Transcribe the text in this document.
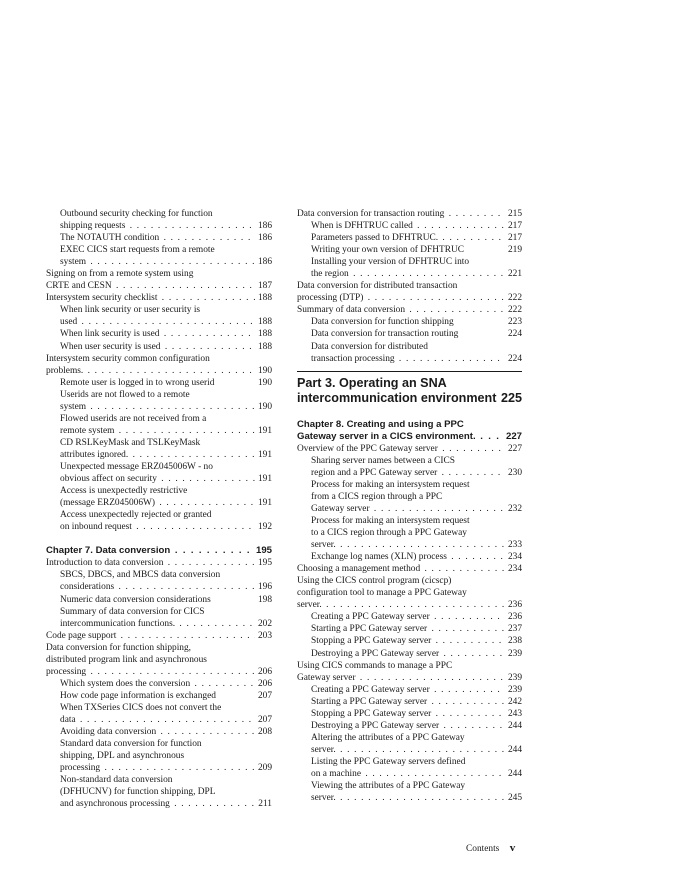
Outbound security checking for function
shipping requests .  .	186
The NOTAUTH condition .  .	186
EXEC CICS start requests from a remote
system .  .	186
Signing on from a remote system using
CRTE and CESN .  .	187
Intersystem security checklist .  .	188
When link security or user security is
used .  .	188
When link security is used .  .	188
When user security is used .  .	188
Intersystem security common configuration
problems. .  .	190
Remote user is logged in to wrong userid	190
Userids are not flowed to a remote
system .  .	190
Flowed userids are not received from a
remote system .  .	191
CD RSLKeyMask and TSLKeyMask
attributes ignored. .  .	191
Unexpected message ERZ045006W - no
obvious affect on security .  .	191
Access is unexpectedly restrictive
(message ERZ045006W) .  .	191
Access unexpectedly rejected or granted
on inbound request .  .	192
Chapter 7. Data conversion .  .	195
Introduction to data conversion .  .	195
SBCS, DBCS, and MBCS data conversion
considerations .  .	196
Numeric data conversion considerations	198
Summary of data conversion for CICS
intercommunication functions. .  .	202
Code page support .  .	203
Data conversion for function shipping,
distributed program link and asynchronous
processing .  .	206
Which system does the conversion .  .	206
How code page information is exchanged	207
When TXSeries CICS does not convert the
data .  .	207
Avoiding data conversion .  .	208
Standard data conversion for function
shipping, DPL and asynchronous
processing .  .	209
Non-standard data conversion
(DFHUCNV) for function shipping, DPL
and asynchronous processing .  .	211
Data conversion for transaction routing .  .	215
When is DFHTRUC called .  .	217
Parameters passed to DFHTRUC. .  .	217
Writing your own version of DFHTRUC	219
Installing your version of DFHTRUC into
the region .  .	221
Data conversion for distributed transaction
processing (DTP) .  .	222
Summary of data conversion .  .	222
Data conversion for function shipping	223
Data conversion for transaction routing	224
Data conversion for distributed
transaction processing .  .	224
Part 3. Operating an SNA
intercommunication environment 225
Chapter 8. Creating and using a PPC
Gateway server in a CICS environment. .  .	227
Overview of the PPC Gateway server .  .	227
Sharing server names between a CICS
region and a PPC Gateway server .  .	230
Process for making an intersystem request
from a CICS region through a PPC
Gateway server .  .	232
Process for making an intersystem request
to a CICS region through a PPC Gateway
server. .  .	233
Exchange log names (XLN) process .  .	234
Choosing a management method .  .	234
Using the CICS control program (cicscp)
configuration tool to manage a PPC Gateway
server. .  .	236
Creating a PPC Gateway server .  .	236
Starting a PPC Gateway server .  .	237
Stopping a PPC Gateway server .  .	238
Destroying a PPC Gateway server .  .	239
Using CICS commands to manage a PPC
Gateway server .  .	239
Creating a PPC Gateway server .  .	239
Starting a PPC Gateway server .  .	242
Stopping a PPC Gateway server .  .	243
Destroying a PPC Gateway server .  .	244
Altering the attributes of a PPC Gateway
server. .  .	244
Listing the PPC Gateway servers defined
on a machine .  .	244
Viewing the attributes of a PPC Gateway
server. .  .	245
Contents v
